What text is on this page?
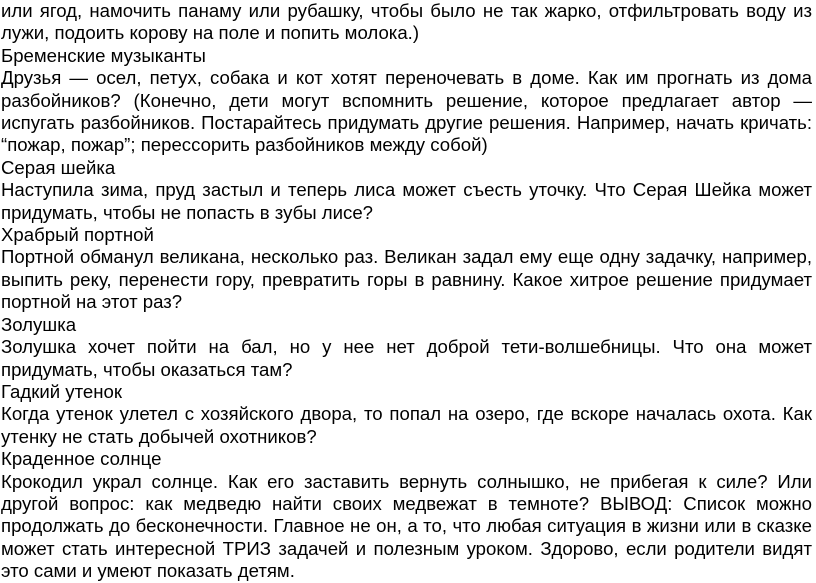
или ягод, намочить панаму или рубашку, чтобы было не так жарко, отфильтровать воду из лужи, подоить корову на поле и попить молока.)

Бременские музыканты

Друзья — осел, петух, собака и кот хотят переночевать в доме. Как им прогнать из дома разбойников? (Конечно, дети могут вспомнить решение, которое предлагает автор — испугать разбойников. Постарайтесь придумать другие решения. Например, начать кричать: “пожар, пожар”; перессорить разбойников между собой)

Серая шейка

Наступила зима, пруд застыл и теперь лиса может съесть уточку. Что Серая Шейка может придумать, чтобы не попасть в зубы лисе?

Храбрый портной

Портной обманул великана, несколько раз. Великан задал ему еще одну задачку, например, выпить реку, перенести гору, превратить горы в равнину. Какое хитрое решение придумает портной на этот раз?

Золушка

Золушка хочет пойти на бал, но у нее нет доброй тети-волшебницы. Что она может придумать, чтобы оказаться там?

Гадкий утенок

Когда утенок улетел с хозяйского двора, то попал на озеро, где вскоре началась охота. Как утенку не стать добычей охотников?

Краденное солнце

Крокодил украл солнце. Как его заставить вернуть солнышко, не прибегая к силе? Или другой вопрос: как медведю найти своих медвежат в темноте? ВЫВОД: Список можно продолжать до бесконечности. Главное не он, а то, что любая ситуация в жизни или в сказке может стать интересной ТРИЗ задачей и полезным уроком. Здорово, если родители видят это сами и умеют показать детям.
